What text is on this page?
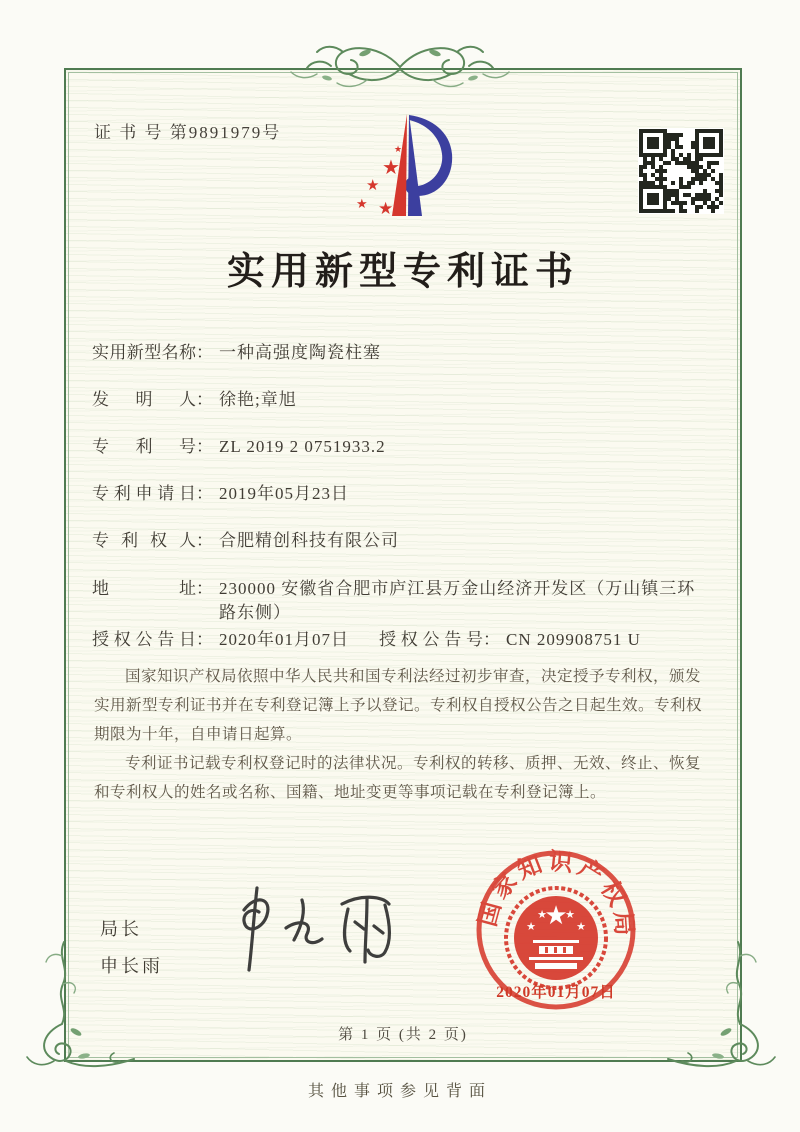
证 书 号 第9891979号
★
★
★ ★
★
实用新型专利证书
实用新型名称 ： 一种高强度陶瓷柱塞
发明人 ： 徐艳;章旭
专利号 ： ZL 2019 2 0751933.2
专利申请日 ： 2019年05月23日
专利权人 ： 合肥精创科技有限公司
地址 ： 230000 安徽省合肥市庐江县万金山经济开发区（万山镇三环路东侧）
授权公告日 ： 2020年01月07日 授权公告号 ： CN 209908751 U

国家知识产权局依照中华人民共和国专利法经过初步审查，决定授予专利权，颁发实用新型专利证书并在专利登记簿上予以登记。专利权自授权公告之日起生效。专利权期限为十年，自申请日起算。

专利证书记载专利权登记时的法律状况。专利权的转移、质押、无效、终止、恢复和专利权人的姓名或名称、国籍、地址变更等事项记载在专利登记簿上。

局长
申长雨
国家知识产权局
★
★
★ ★
★
2020年01月07日
第 1 页 (共 2 页)
其他事项参见背面
